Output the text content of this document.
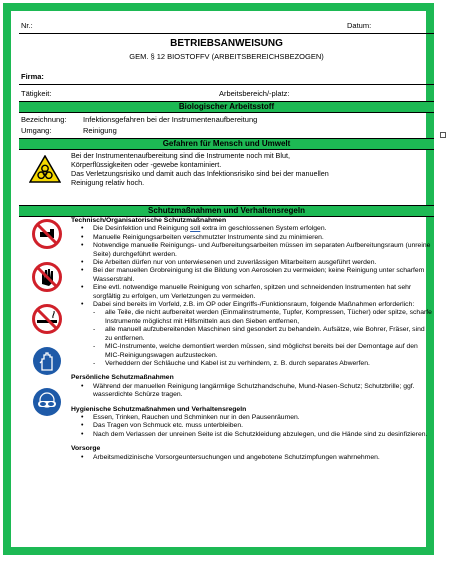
Nr.:	Datum:
BETRIEBSANWEISUNG
GEM. § 12 BIOSTOFFV (ARBEITSBEREICHSBEZOGEN)
Firma:
Tätigkeit:	Arbeitsbereich/-platz:
Biologischer Arbeitsstoff
Bezeichnung: Infektionsgefahren bei der Instrumentenaufbereitung
Umgang:	Reinigung
Gefahren für Mensch und Umwelt
Bei der Instrumentenaufbereitung sind die Instrumente noch mit Blut,
Körperflüssigkeiten oder -gewebe kontaminiert.
Das Verletzungsrisiko und damit auch das Infektionsrisiko sind bei der manuellen
Reinigung relativ hoch.
Schutzmaßnahmen und Verhaltensregeln
Technisch/Organisatorische Schutzmaßnahmen
• Die Desinfektion und Reinigung soll extra im geschlossenen System erfolgen.
• Manuelle Reinigungsarbeiten verschmutzter Instrumente sind zu minimieren.
• Notwendige manuelle Reinigungs- und Aufbereitungsarbeiten müssen im separaten Aufbereitungsraum (unreine Seite) durchgeführt werden.
• Die Arbeiten dürfen nur von unterwiesenen und zuverlässigen Mitarbeitern ausgeführt werden.
• Bei der manuellen Grobreinigung ist die Bildung von Aerosolen zu vermeiden; keine Reinigung unter scharfem Wasserstrahl.
• Eine evtl. notwendige manuelle Reinigung von scharfen, spitzen und schneidenden Instrumenten hat sehr sorgfältig zu erfolgen, um Verletzungen zu vermeiden.
• Dabei sind bereits im Vorfeld, z.B. im OP oder Eingriffs-/Funktionsraum, folgende Maßnahmen erforderlich:
- alle Teile, die nicht aufbereitet werden (Einmalinstrumente, Tupfer, Kompressen, Tücher) oder spitze, scharfe Instrumente möglichst mit Hilfsmitteln aus den Sieben entfernen,
- alle manuell aufzubereitenden Maschinen sind gesondert zu behandeln. Aufsätze, wie Bohrer, Fräser, sind zu entfernen.
- MIC-Instrumente, welche demontiert werden müssen, sind möglichst bereits bei der Demontage auf den MIC-Reinigungswagen aufzustecken.
- Verheddern der Schläuche und Kabel ist zu verhindern, z. B. durch separates Abwerfen.
Persönliche Schutzmaßnahmen
• Während der manuellen Reinigung langärmlige Schutzhandschuhe, Mund-Nasen-Schutz; Schutzbrille; ggf. wasserdichte Schürze tragen.
Hygienische Schutzmaßnahmen und Verhaltensregeln
• Essen, Trinken, Rauchen und Schminken nur in den Pausenräumen.
• Das Tragen von Schmuck etc. muss unterbleiben.
• Nach dem Verlassen der unreinen Seite ist die Schutzkleidung abzulegen, und die Hände sind zu desinfizieren.
Vorsorge
• Arbeitsmedizinische Vorsorgeuntersuchungen und angebotene Schutzimpfungen wahrnehmen.
